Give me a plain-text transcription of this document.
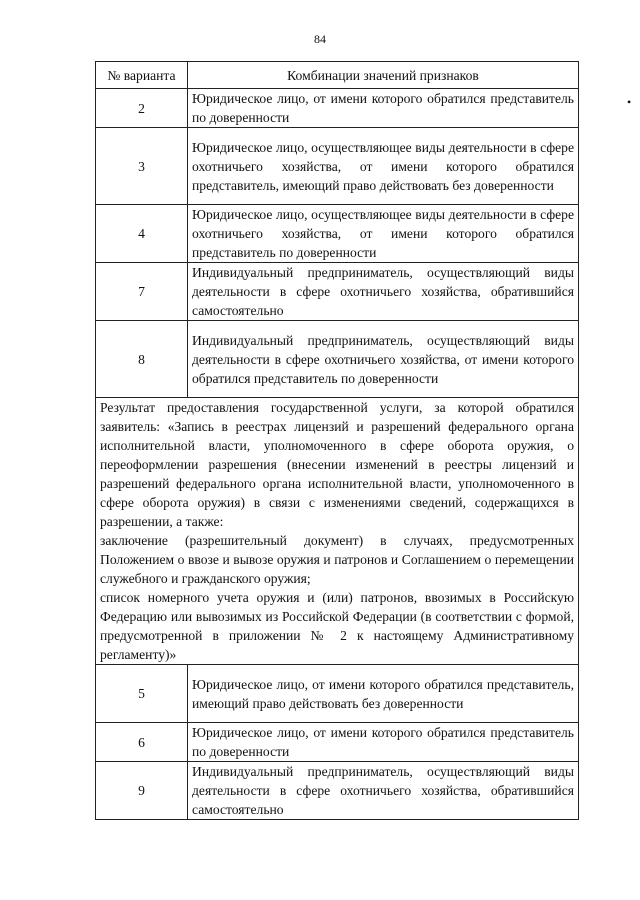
84
•
№ варианта	Комбинации значений признаков
2	Юридическое лицо, от имени которого обратился представитель по доверенности
3	Юридическое лицо, осуществляющее виды деятельности в сфере охотничьего хозяйства, от имени которого обратился представитель, имеющий право действовать без доверенности
4	Юридическое лицо, осуществляющее виды деятельности в сфере охотничьего хозяйства, от имени которого обратился представитель по доверенности
7	Индивидуальный предприниматель, осуществляющий виды деятельности в сфере охотничьего хозяйства, обратившийся самостоятельно
8	Индивидуальный предприниматель, осуществляющий виды деятельности в сфере охотничьего хозяйства, от имени которого обратился представитель по доверенности

Результат предоставления государственной услуги, за которой обратился заявитель: «Запись в реестрах лицензий и разрешений федерального органа исполнительной власти, уполномоченного в сфере оборота оружия, о переоформлении разрешения (внесении изменений в реестры лицензий и разрешений федерального органа исполнительной власти, уполномоченного в сфере оборота оружия) в связи с изменениями сведений, содержащихся в разрешении, а также:
заключение (разрешительный документ) в случаях, предусмотренных Положением о ввозе и вывозе оружия и патронов и Соглашением о перемещении служебного и гражданского оружия;
список номерного учета оружия и (или) патронов, ввозимых в Российскую Федерацию или вывозимых из Российской Федерации (в соответствии с формой, предусмотренной в приложении № 2 к настоящему Административному регламенту)»	

5	Юридическое лицо, от имени которого обратился представитель, имеющий право действовать без доверенности
6	Юридическое лицо, от имени которого обратился представитель по доверенности
9	Индивидуальный предприниматель, осуществляющий виды деятельности в сфере охотничьего хозяйства, обратившийся самостоятельно
